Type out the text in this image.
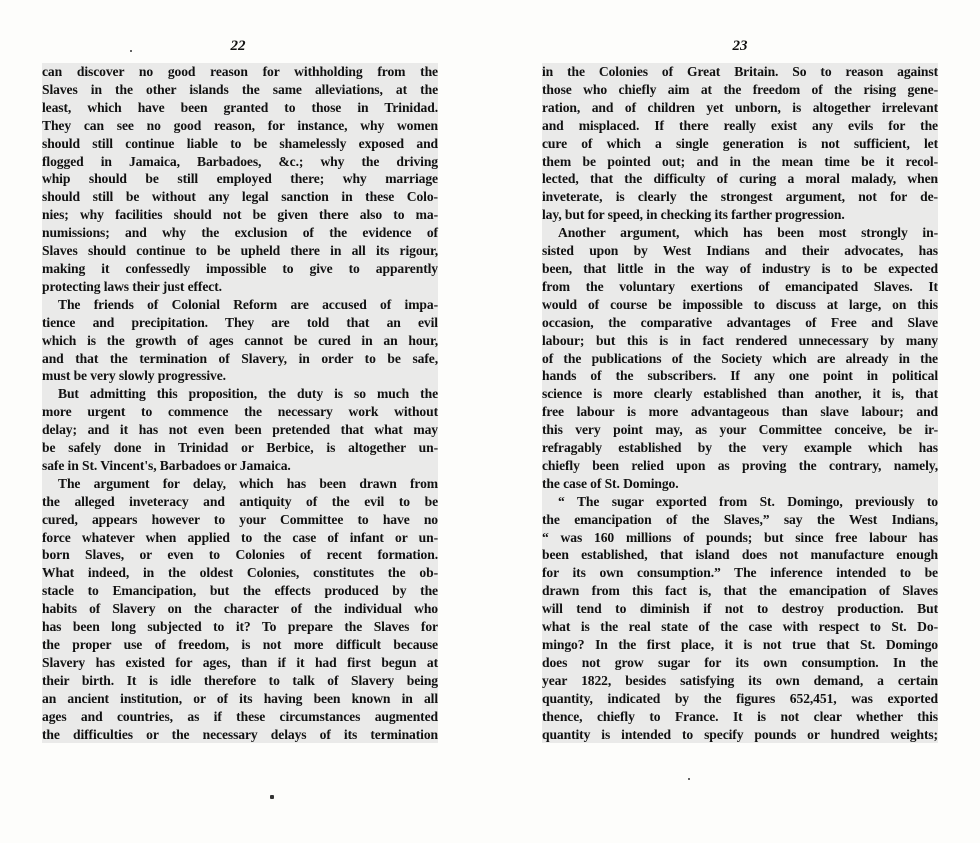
22
can discover no good reason for withholding from the
Slaves in the other islands the same alleviations, at the
least, which have been granted to those in Trinidad.
They can see no good reason, for instance, why women
should still continue liable to be shamelessly exposed and
flogged in Jamaica, Barbadoes, &c.; why the driving
whip should be still employed there; why marriage
should still be without any legal sanction in these Colo-
nies; why facilities should not be given there also to ma-
numissions; and why the exclusion of the evidence of
Slaves should continue to be upheld there in all its rigour,
making it confessedly impossible to give to apparently
protecting laws their just effect.
The friends of Colonial Reform are accused of impa-
tience and precipitation. They are told that an evil
which is the growth of ages cannot be cured in an hour,
and that the termination of Slavery, in order to be safe,
must be very slowly progressive.
But admitting this proposition, the duty is so much the
more urgent to commence the necessary work without
delay; and it has not even been pretended that what may
be safely done in Trinidad or Berbice, is altogether un-
safe in St. Vincent's, Barbadoes or Jamaica.
The argument for delay, which has been drawn from
the alleged inveteracy and antiquity of the evil to be
cured, appears however to your Committee to have no
force whatever when applied to the case of infant or un-
born Slaves, or even to Colonies of recent formation.
What indeed, in the oldest Colonies, constitutes the ob-
stacle to Emancipation, but the effects produced by the
habits of Slavery on the character of the individual who
has been long subjected to it? To prepare the Slaves for
the proper use of freedom, is not more difficult because
Slavery has existed for ages, than if it had first begun at
their birth. It is idle therefore to talk of Slavery being
an ancient institution, or of its having been known in all
ages and countries, as if these circumstances augmented
the difficulties or the necessary delays of its termination
23
in the Colonies of Great Britain. So to reason against
those who chiefly aim at the freedom of the rising gene-
ration, and of children yet unborn, is altogether irrelevant
and misplaced. If there really exist any evils for the
cure of which a single generation is not sufficient, let
them be pointed out; and in the mean time be it recol-
lected, that the difficulty of curing a moral malady, when
inveterate, is clearly the strongest argument, not for de-
lay, but for speed, in checking its farther progression.
Another argument, which has been most strongly in-
sisted upon by West Indians and their advocates, has
been, that little in the way of industry is to be expected
from the voluntary exertions of emancipated Slaves. It
would of course be impossible to discuss at large, on this
occasion, the comparative advantages of Free and Slave
labour; but this is in fact rendered unnecessary by many
of the publications of the Society which are already in the
hands of the subscribers. If any one point in political
science is more clearly established than another, it is, that
free labour is more advantageous than slave labour; and
this very point may, as your Committee conceive, be ir-
refragably established by the very example which has
chiefly been relied upon as proving the contrary, namely,
the case of St. Domingo.
“ The sugar exported from St. Domingo, previously to
the emancipation of the Slaves,” say the West Indians,
“ was 160 millions of pounds; but since free labour has
been established, that island does not manufacture enough
for its own consumption.” The inference intended to be
drawn from this fact is, that the emancipation of Slaves
will tend to diminish if not to destroy production. But
what is the real state of the case with respect to St. Do-
mingo? In the first place, it is not true that St. Domingo
does not grow sugar for its own consumption. In the
year 1822, besides satisfying its own demand, a certain
quantity, indicated by the figures 652,451, was exported
thence, chiefly to France. It is not clear whether this
quantity is intended to specify pounds or hundred weights;
